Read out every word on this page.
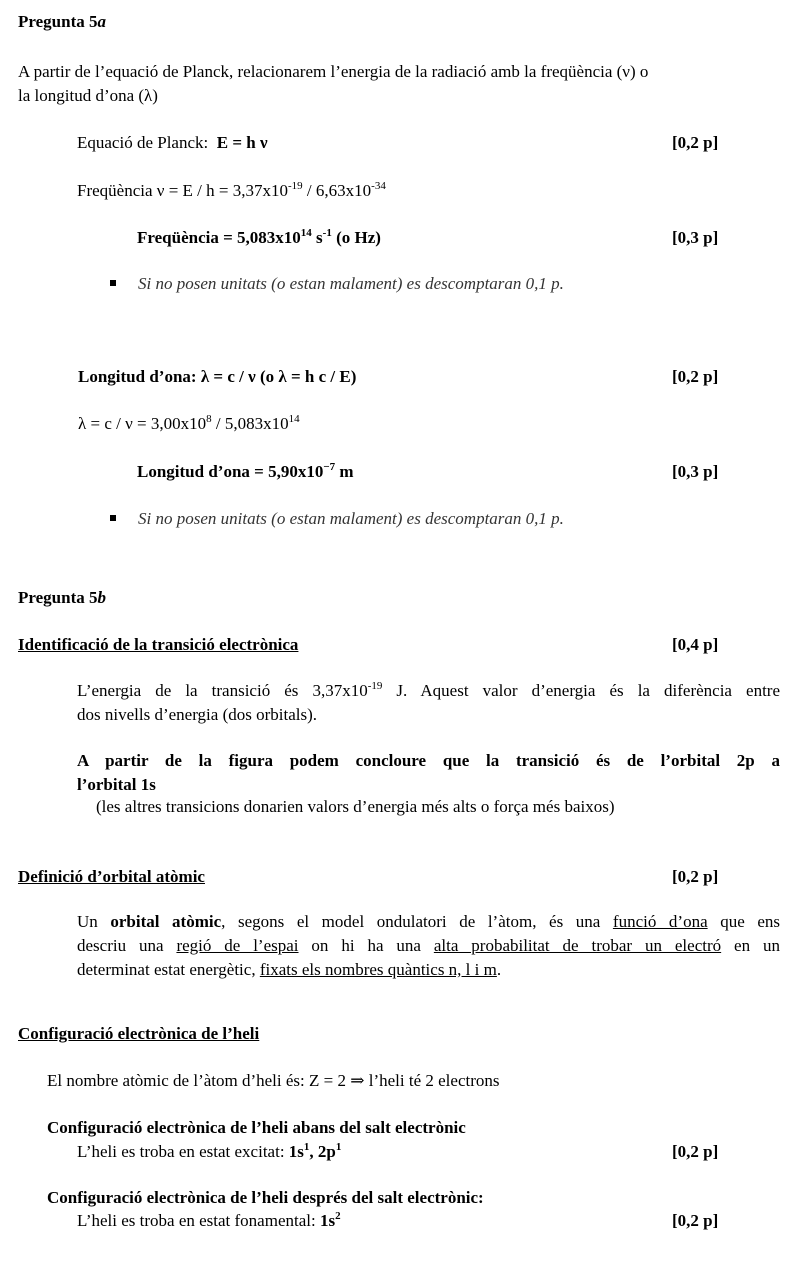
Pregunta 5a
A partir de l’equació de Planck, relacionarem l’energia de la radiació amb la freqüència (ν) o
la longitud d’ona (λ)
Equació de Planck: E = h ν	[0,2 p]
Freqüència $\nu = E / h = 3,37x10^{-19} / 6,63x10^{-34}$
Freqüència = $5,083x10^{14}$ $s^{-1}$ (o Hz)	[0,3 p]
Si no posen unitats (o estan malament) es descomptaran 0,1 p.
Longitud d’ona: λ = c / ν (o λ = h c / E)	[0,2 p]
$\lambda = c / \nu = 3,00x10^8 / 5,083x10^{14}$
Longitud d’ona = $5,90x10^{-7}$ m	[0,3 p]
Si no posen unitats (o estan malament) es descomptaran 0,1 p.
Pregunta 5b
Identificació de la transició electrònica	[0,4 p]
L’energia de la transició és $3,37x10^{-19}$ J. Aquest valor d’energia és la diferència entre
dos nivells d’energia (dos orbitals).
A partir de la figura podem concloure que la transició és de l’orbital 2p a
l’orbital 1s
(les altres transicions donarien valors d’energia més alts o força més baixos)
Definició d’orbital atòmic	[0,2 p]
Un orbital atòmic, segons el model ondulatori de l’àtom, és una funció d’ona que ens
descriu una regió de l’espai on hi ha una alta probabilitat de trobar un electró en un
determinat estat energètic, fixats els nombres quàntics n, l i m.
Configuració electrònica de l’heli
El nombre atòmic de l’àtom d’heli és: Z = 2 ⇒ l’heli té 2 electrons
Configuració electrònica de l’heli abans del salt electrònic
L’heli es troba en estat excitat: $1s^1$, $2p^1$	[0,2 p]
Configuració electrònica de l’heli després del salt electrònic:
L’heli es troba en estat fonamental: $1s^2$	[0,2 p]
